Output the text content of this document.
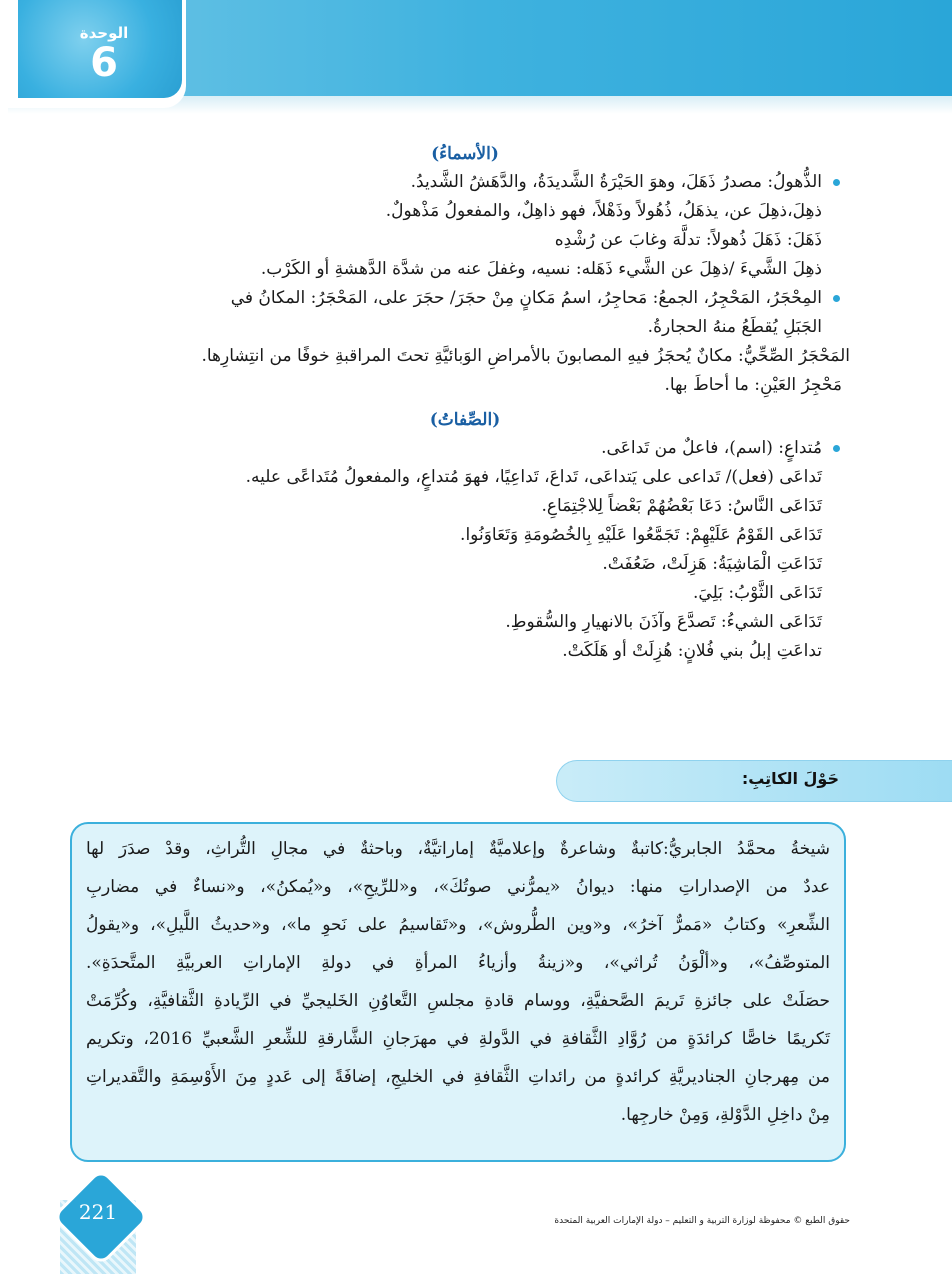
الوحدة
6
(الأسماءُ)
الذُّهولُ: مصدرُ ذَهَلَ، وهوَ الحَيْرَةُ الشَّديدَةُ، والدَّهَشُ الشَّديدُ.
ذهِلَ،ذهِلَ عن، يذهَلُ، ذُهُولاً وذَهْلاً، فهو ذاهِلٌ، والمفعولُ مَذْهولٌ.
ذَهَلَ: ذَهَلَ ذُهولاً: تدلَّهَ وغابَ عن رُشْدِه
ذهِلَ الشَّيءَ /ذهِلَ عن الشَّيء ذَهَله: نسيه، وغفلَ عنه من شدَّة الدَّهشةِ أو الكَرْب.
المِحْجَرُ، المَحْجِرُ، الجمعُ: مَحاجِرُ، اسمُ مَكانٍ مِنْ حجَرَ/ حجَرَ على، المَحْجَرُ: المكانُ في
الجَبَلِ يُقطَعُ منهُ الحجارةُ.
المَحْجَرُ الصِّحِّيُّ: مكانٌ يُحجَزُ فيهِ المصابونَ بالأمراضِ الوَبائيَّةِ تحتَ المراقبةِ خوفًا من انتِشارِها.
مَحْجِرُ العَيْنِ: ما أحاطَ بها.
(الصِّفاتُ)
مُتداعٍ: (اسم)، فاعلٌ من تَداعَى.
تَداعَى (فعل)/ تَداعى على يَتداعَى، تَداعَ، تَداعِيًا، فهوَ مُتداعٍ، والمفعولُ مُتَداعًى عليه.
تَدَاعَى النَّاسُ: دَعَا بَعْضُهُمْ بَعْضاً لِلاجْتِمَاعِ.
تَدَاعَى القَوْمُ عَلَيْهِمْ: تَجَمَّعُوا عَلَيْهِ بِالخُصُومَةِ وَتَعَاوَنُوا.
تَدَاعَتِ الْمَاشِيَةُ: هَزِلَتْ، ضَعُفَتْ.
تَدَاعَى الثَّوْبُ: بَلِيَ.
تَدَاعَى الشيءُ: تَصدَّعَ وآذَنَ بالانهيارِ والسُّقوطِ.
تداعَتِ إبلُ بني فُلانٍ: هُزِلَتْ أو هَلَكَتْ.
حَوْلَ الكاتِبِ:
شيخةُ محمَّدُ الجابريُّ:كاتبةٌ وشاعرةٌ وإعلاميَّةٌ إماراتيَّةٌ، وباحثةٌ في مجالِ التُّراثِ، وقدْ صدَرَ لها
عددٌ من الإصداراتِ منها: ديوانُ «يمرُّني صوتُكَ»، و«للرِّيحِ»، و«يُمكنُ»، و«نساءٌ في مضاربِ
الشِّعرِ» وكتابُ «مَمرٌّ آخرُ»، و«وين الطُّروش»، و«تَقاسيمُ على نَحوِ ما»، و«حديثُ اللَّيلِ»، و«يقولُ
المتوصِّفُ»، و«ألْوَنُ تُراثي»، و«زينةُ وأزياءُ المرأةِ في دولةِ الإماراتِ العربيَّةِ المتَّحدَةِ».
حصَلَتْ على جائزةِ تَريمَ الصَّحفيَّةِ، ووسام قادةِ مجلسِ التَّعاوُنِ الخَليجيِّ في الرِّيادةِ الثَّقافيَّةِ، وكُرِّمَتْ
تَكريمًا خاصًّا كرائدَةٍ من رُوَّادِ الثَّقافةِ في الدَّولةِ في مهرَجانِ الشَّارقةِ للشِّعرِ الشَّعبيِّ 2016، وتكريم
من مِهرجانِ الجناديريَّةِ كرائدةٍ من رائداتِ الثَّقافةِ في الخليجِ، إضافَةً إلى عَددٍ مِنَ الأَوْسِمَةِ والتَّقديراتِ
مِنْ داخِلِ الدَّوْلةِ، وَمِنْ خارجِها.
221	حقوق الطبع © محفوظة لوزارة التربية و التعليم – دولة الإمارات العربية المتحدة
